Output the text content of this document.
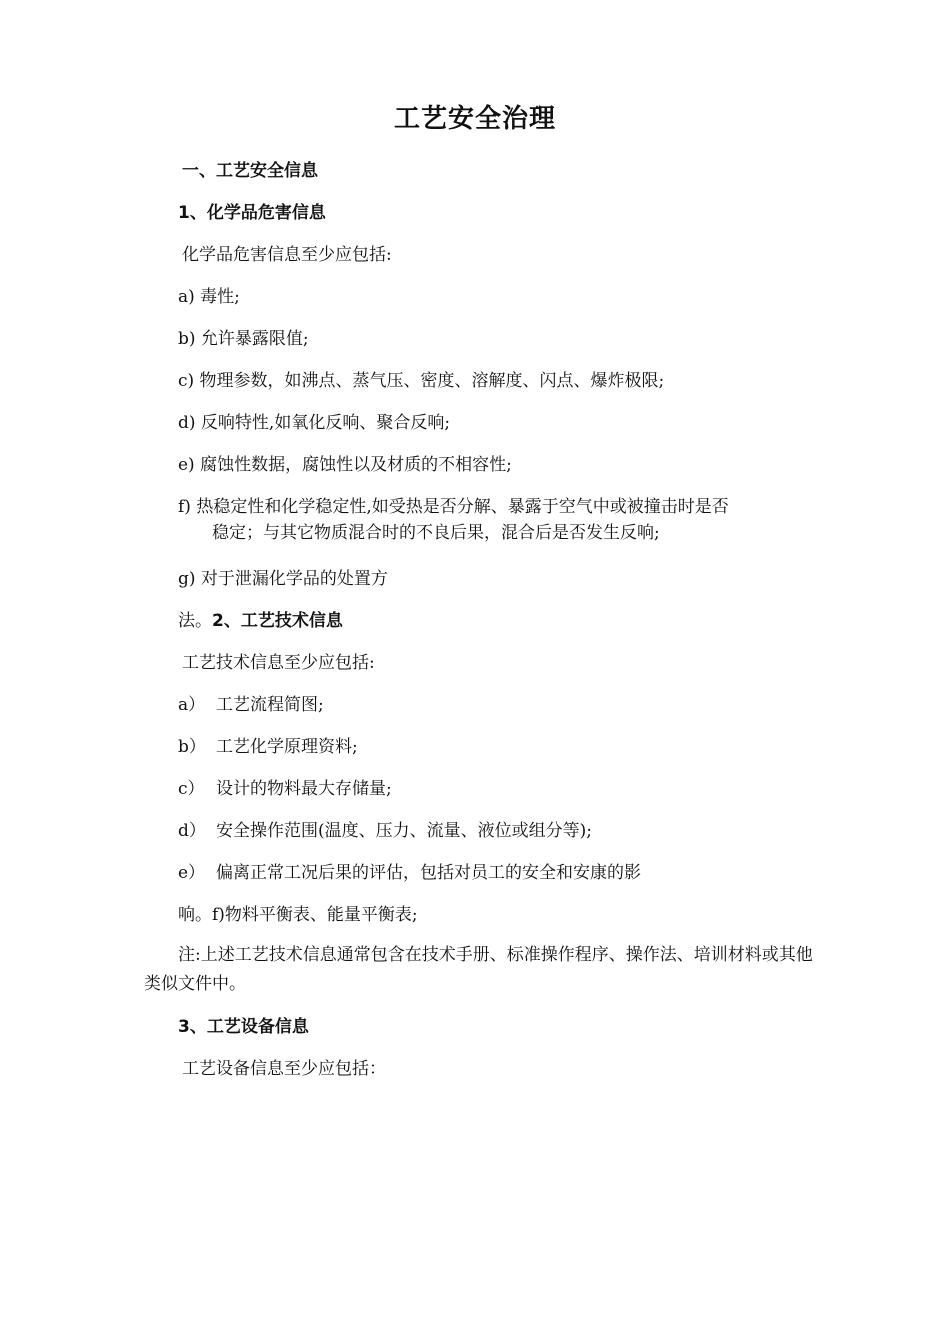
工艺安全治理
一、工艺安全信息
1、化学品危害信息
化学品危害信息至少应包括:
a) 毒性;
b) 允许暴露限值;
c) 物理参数，如沸点、蒸气压、密度、溶解度、闪点、爆炸极限;
d) 反响特性,如氧化反响、聚合反响;
e) 腐蚀性数据，腐蚀性以及材质的不相容性;
f) 热稳定性和化学稳定性,如受热是否分解、暴露于空气中或被撞击时是否
稳定；与其它物质混合时的不良后果，混合后是否发生反响;
g) 对于泄漏化学品的处置方
法。2、工艺技术信息
工艺技术信息至少应包括:
a） 工艺流程简图;
b） 工艺化学原理资料;
c） 设计的物料最大存储量;
d） 安全操作范围(温度、压力、流量、液位或组分等);
e） 偏离正常工况后果的评估，包括对员工的安全和安康的影
响。f)物料平衡表、能量平衡表;
注:上述工艺技术信息通常包含在技术手册、标准操作程序、操作法、培训材料或其他类似文件中。
3、工艺设备信息
工艺设备信息至少应包括：
